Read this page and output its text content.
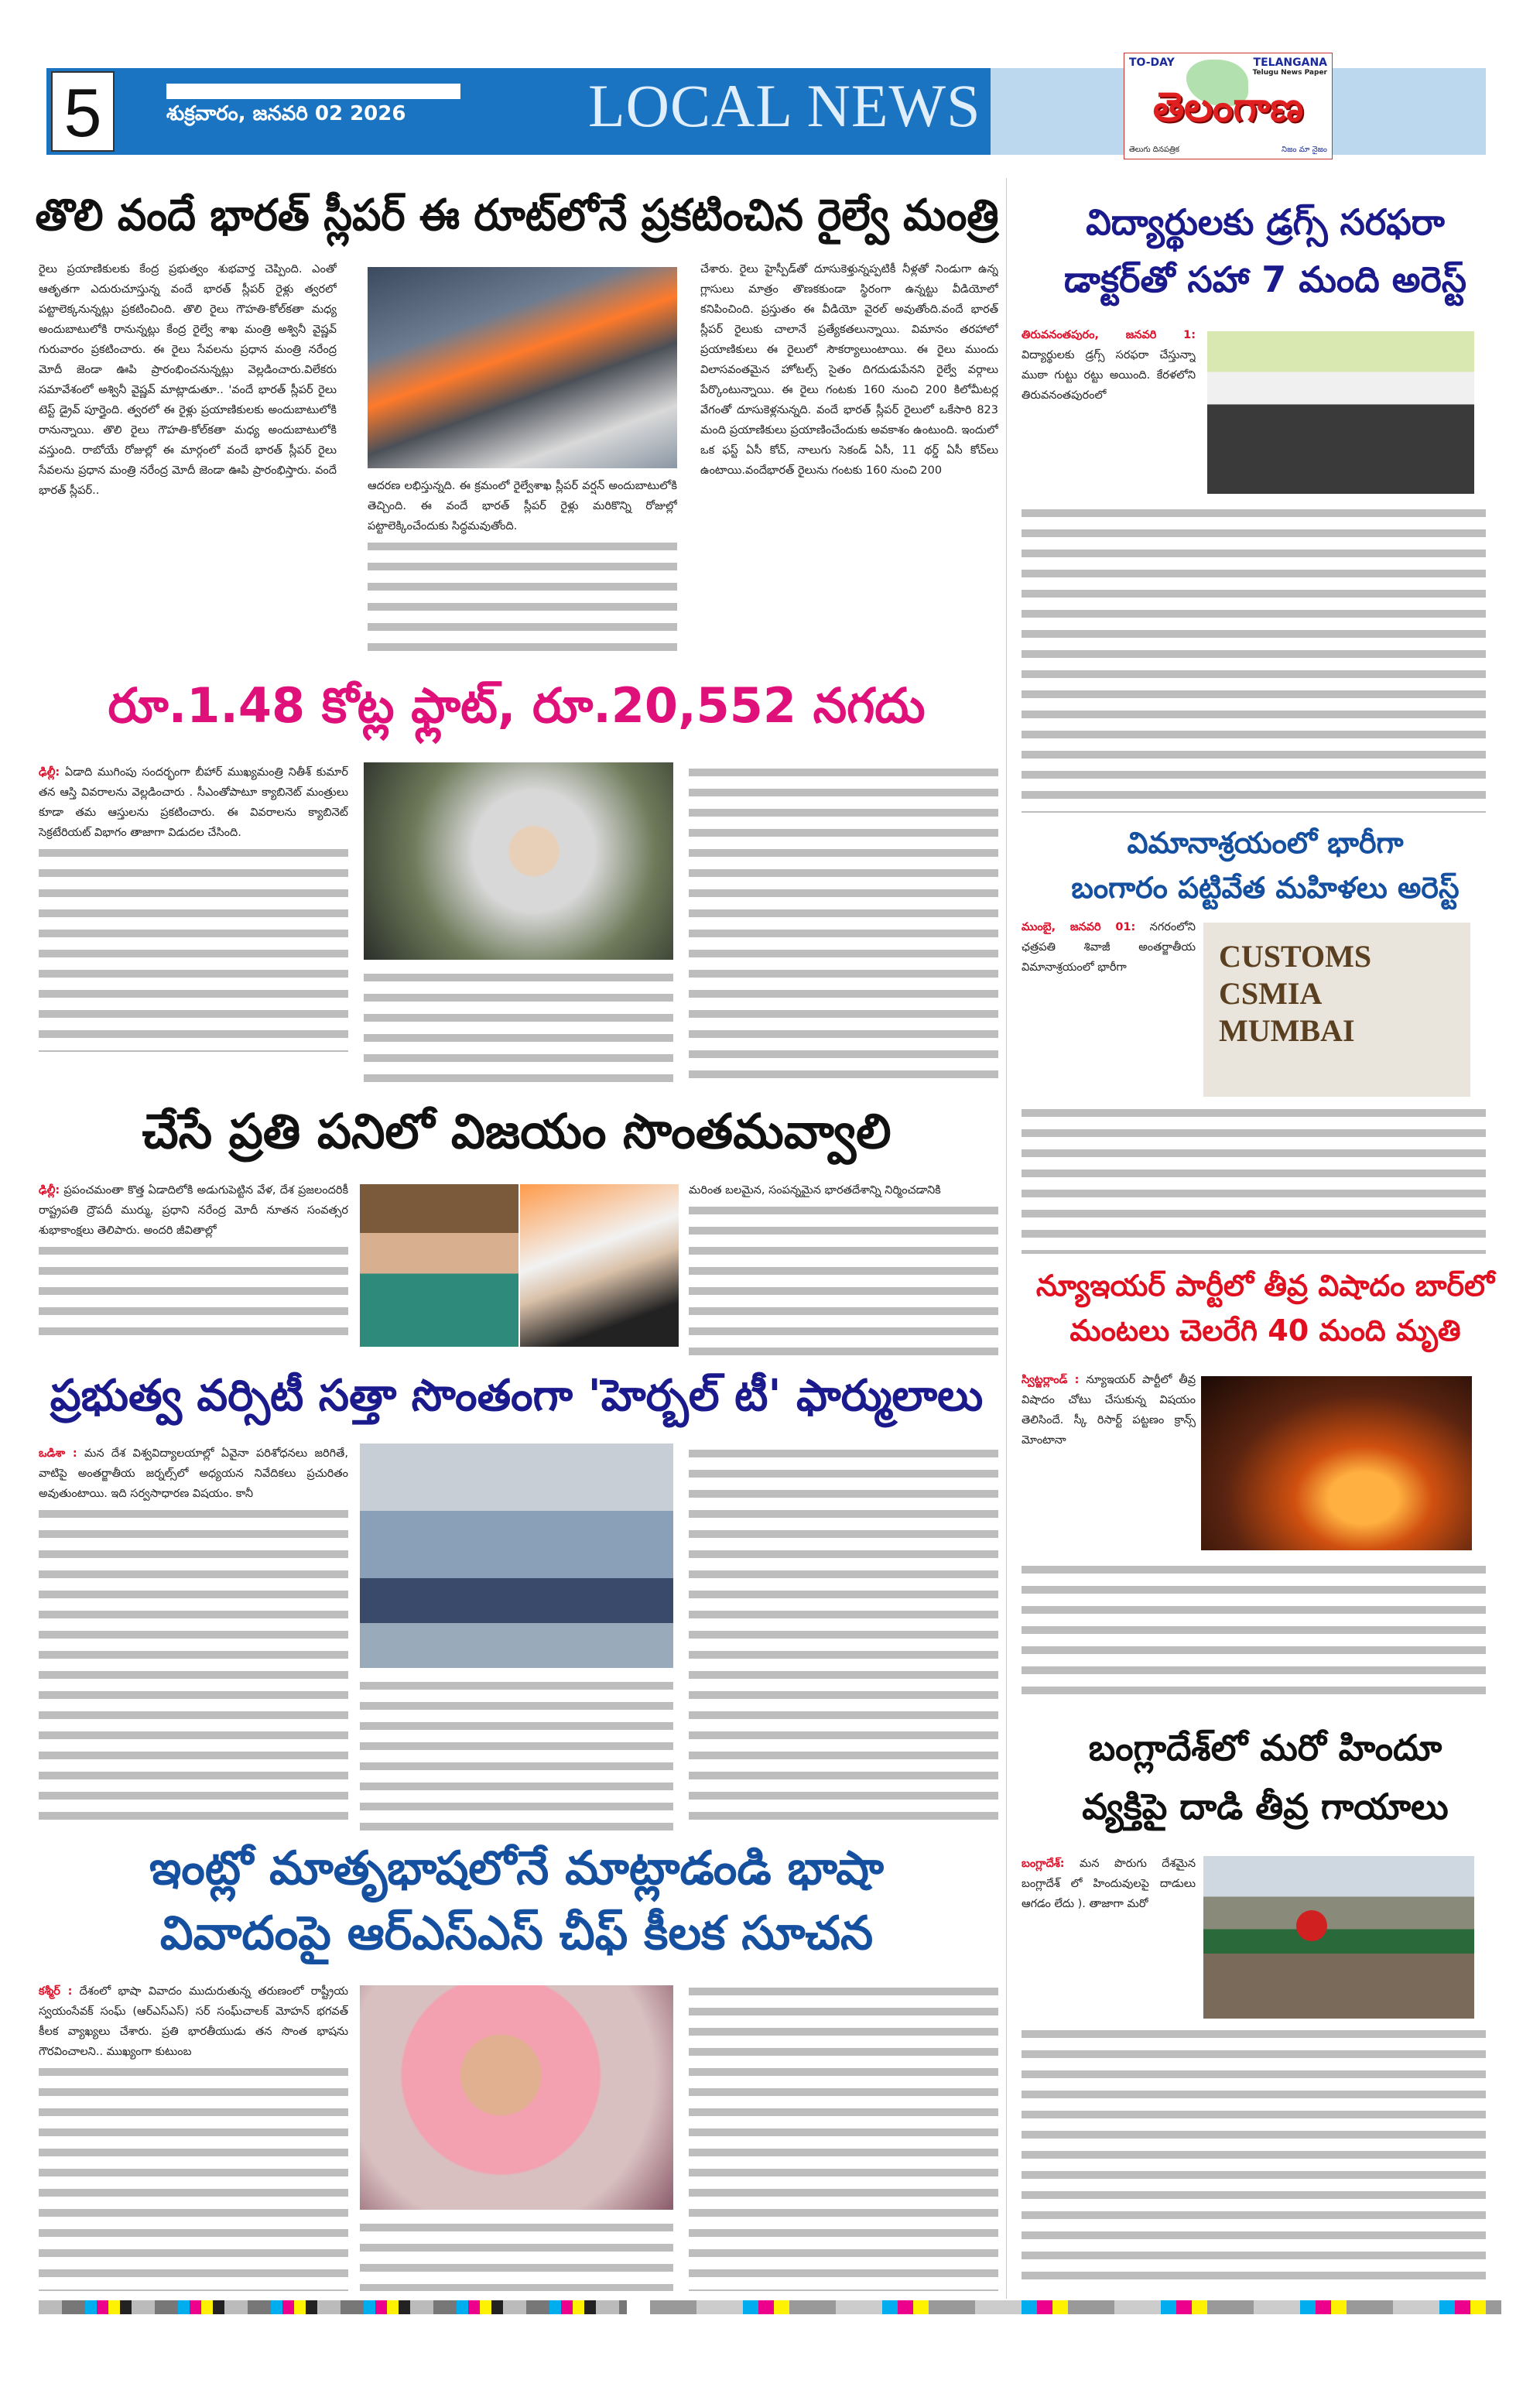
5	శుక్రవారం, జనవరి 02 2026	LOCAL NEWS
TO-DAY	TELANGANA
Telugu News Paper
తెలంగాణ
తెలుగు దినపత్రిక	నిజం మా నైజం
తొలి వందే భారత్ స్లీపర్ ఈ రూట్‌లోనే ప్రకటించిన రైల్వే మంత్రి
రైలు ప్రయాణికులకు కేంద్ర ప్రభుత్వం శుభవార్త చెప్పింది. ఎంతో ఆతృతగా ఎదురుచూస్తున్న వందే భారత్ స్లీపర్ రైళ్లు త్వరలో పట్టాలెక్కనున్నట్లు ప్రకటించింది. తొలి రైలు గౌహతి-కోల్‌కతా మధ్య అందుబాటులోకి రానున్నట్లు కేంద్ర రైల్వే శాఖ మంత్రి అశ్వినీ వైష్ణవ్ గురువారం ప్రకటించారు. ఈ రైలు సేవలను ప్రధాన మంత్రి నరేంద్ర మోదీ జెండా ఊపి ప్రారంభించనున్నట్లు వెల్లడించారు.విలేకరు సమావేశంలో అశ్వినీ వైష్ణవ్ మాట్లాడుతూ.. 'వందే భారత్ స్లీపర్ రైలు టెస్ట్ డ్రైవ్ పూర్తైంది. త్వరలో ఈ రైళ్లు ప్రయాణికులకు అందుబాటులోకి రానున్నాయి. తొలి రైలు గౌహతి-కోల్‌కతా మధ్య అందుబాటులోకి వస్తుంది. రాబోయే రోజుల్లో ఈ మార్గంలో వందే భారత్ స్లీపర్ రైలు సేవలను ప్రధాన మంత్రి నరేంద్ర మోదీ జెండా ఊపి ప్రారంభిస్తారు. వందే భారత్ స్లీపర్..	ఆదరణ లభిస్తున్నది. ఈ క్రమంలో రైల్వేశాఖ స్లీపర్ వర్షన్ అందుబాటులోకి తెచ్చింది. ఈ వందే భారత్ స్లీపర్ రైళ్లు మరికొన్ని రోజుల్లో పట్టాలెక్కించేందుకు సిద్ధమవుతోంది.
చేశారు. రైలు హైస్పీడ్‌తో దూసుకెళ్తున్నప్పటికీ నీళ్లతో నిండుగా ఉన్న గ్లాసులు మాత్రం తొణకకుండా స్థిరంగా ఉన్నట్టు వీడియోలో కనిపించింది. ప్రస్తుతం ఈ వీడియో వైరల్ అవుతోంది.వందే భారత్ స్లీపర్ రైలుకు చాలానే ప్రత్యేకతలున్నాయి. విమానం తరహాలో ప్రయాణికులు ఈ రైలులో సౌకర్యాలుంటాయి. ఈ రైలు ముందు విలాసవంతమైన హోటల్స్ సైతం దిగదుడుపేనని రైల్వే వర్గాలు పేర్కొంటున్నాయి. ఈ రైలు గంటకు 160 నుంచి 200 కిలోమీటర్ల వేగంతో దూసుకెళ్లనున్నది. వందే భారత్ స్లీపర్ రైలులో ఒకేసారి 823 మంది ప్రయాణికులు ప్రయాణించేందుకు అవకాశం ఉంటుంది. ఇందులో ఒక ఫస్ట్ ఏసీ కోచ్, నాలుగు సెకండ్ ఏసీ, 11 థర్డ్ ఏసీ కోచ్‌లు ఉంటాయి.వందేభారత్ రైలును గంటకు 160 నుంచి 200
రూ.1.48 కోట్ల ఫ్లాట్, రూ.20,552 నగదు
ఢిల్లీ: ఏడాది ముగింపు సందర్భంగా బీహార్ ముఖ్యమంత్రి నితీశ్ కుమార్ తన ఆస్తి వివరాలను వెల్లడించారు . సీఎంతోపాటూ క్యాబినెట్ మంత్రులు కూడా తమ ఆస్తులను ప్రకటించారు. ఈ వివరాలను క్యాబినెట్ సెక్రటేరియట్ విభాగం తాజాగా విడుదల చేసింది.
చేసే ప్రతి పనిలో విజయం సొంతమవ్వాలి
ఢిల్లీ: ప్రపంచమంతా కొత్త ఏడాదిలోకి అడుగుపెట్టిన వేళ, దేశ ప్రజలందరికీ రాష్ట్రపతి ద్రౌపదీ ముర్ము, ప్రధాని నరేంద్ర మోదీ నూతన సంవత్సర శుభాకాంక్షలు తెలిపారు. అందరి జీవితాల్లో
మరింత బలమైన, సంపన్నమైన భారతదేశాన్ని నిర్మించడానికి
ప్రభుత్వ వర్సిటీ సత్తా సొంతంగా 'హెర్బల్ టీ' ఫార్ములాలు
ఒడిశా : మన దేశ విశ్వవిద్యాలయాల్లో ఏవైనా పరిశోధనలు జరిగితే, వాటిపై అంతర్జాతీయ జర్నల్స్‌లో అధ్యయన నివేదికలు ప్రచురితం అవుతుంటాయి. ఇది సర్వసాధారణ విషయం. కానీ
ఇంట్లో మాతృభాషలోనే మాట్లాడండి భాషా
వివాదంపై ఆర్ఎస్ఎస్ చీఫ్ కీలక సూచన
కశ్మీర్ : దేశంలో భాషా వివాదం ముదురుతున్న తరుణంలో రాష్ట్రీయ స్వయంసేవక్ సంఘ్ (ఆర్ఎస్ఎస్) సర్ సంఘ్‌చాలక్ మోహన్ భగవత్ కీలక వ్యాఖ్యలు చేశారు. ప్రతి భారతీయుడు తన సొంత భాషను గౌరవించాలని.. ముఖ్యంగా కుటుంబ
విద్యార్థులకు డ్రగ్స్ సరఫరా
డాక్టర్‌తో సహా 7 మంది అరెస్ట్
తిరువనంతపురం, జనవరి 1: విద్యార్థులకు డ్రగ్స్ సరఫరా చేస్తున్నా ముఠా గుట్టు రట్టు అయింది. కేరళలోని తిరువనంతపురంలో
విమానాశ్రయంలో భారీగా
బంగారం పట్టివేత మహిళలు అరెస్ట్
ముంబై, జనవరి 01: నగరంలోని ఛత్రపతి శివాజీ అంతర్జాతీయ విమానాశ్రయంలో భారీగా	CUSTOMS CSMIA MUMBAI
న్యూఇయర్ పార్టీలో తీవ్ర విషాదం బార్‌లో
మంటలు చెలరేగి 40 మంది మృతి
స్విట్జర్లాండ్ : న్యూఇయర్ పార్టీలో తీవ్ర విషాదం చోటు చేసుకున్న విషయం తెలిసిందే. స్కీ రిసార్ట్ పట్టణం క్రాన్స్ మోంటానా
బంగ్లాదేశ్‌లో మరో హిందూ
వ్యక్తిపై దాడి తీవ్ర గాయాలు
బంగ్లాదేశ్: మన పొరుగు దేశమైన బంగ్లాదేశ్ లో హిందువులపై దాడులు ఆగడం లేదు ). తాజాగా మరో
